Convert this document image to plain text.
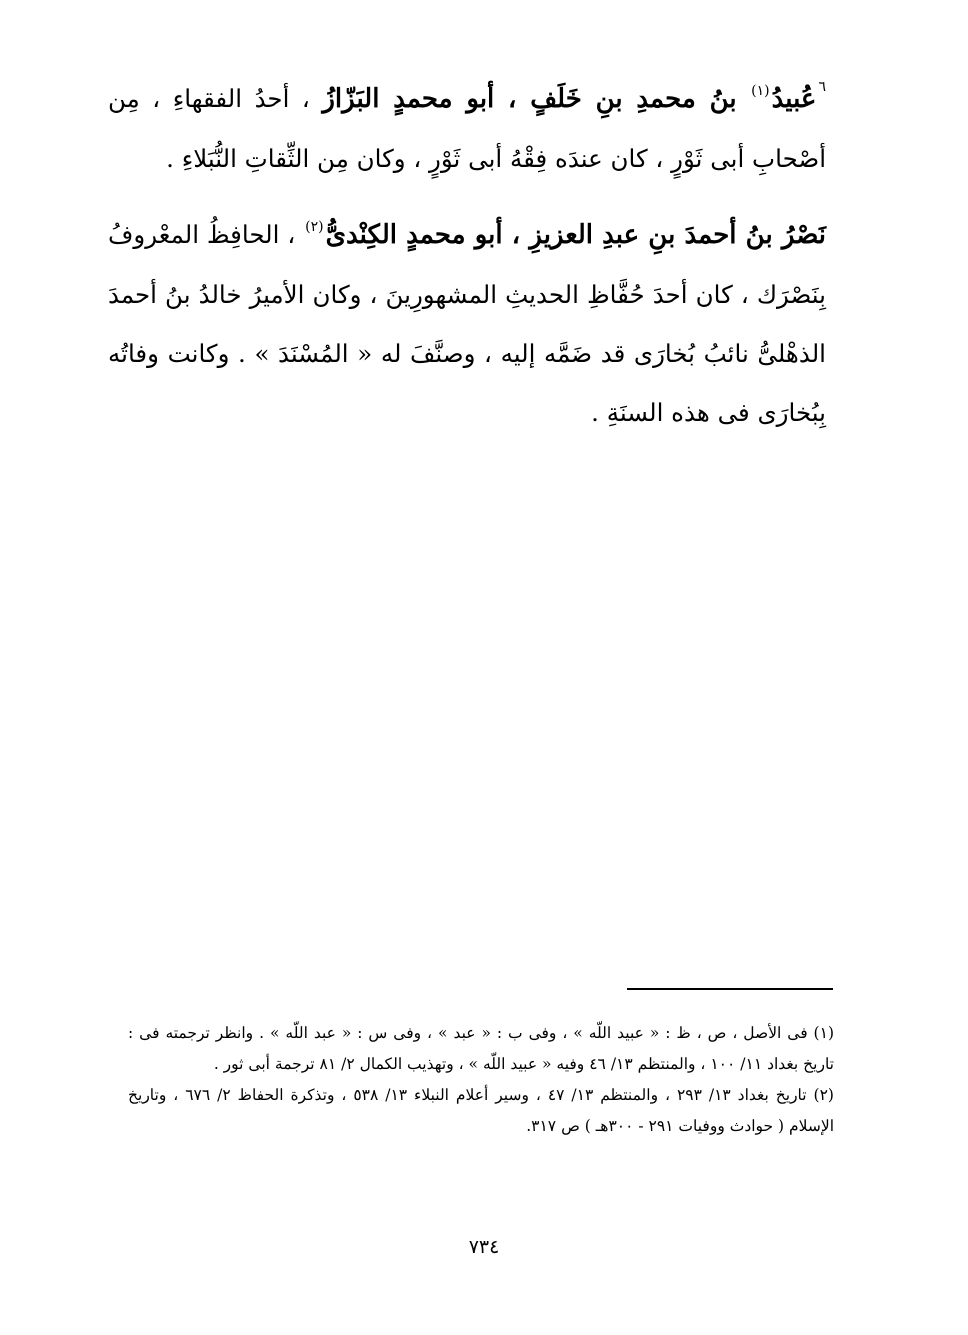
$^٦$عُبيدُ$^{(١)}$ بنُ محمدِ بنِ خَلَفٍ ، أبو محمدٍ البَزّازُ ، أحدُ الفقهاءِ ، مِن أصْحابِ أبى ثَوْرٍ ، كان عندَه فِقْهُ أبى ثَوْرٍ ، وكان مِن الثِّقاتِ النُّبَلاءِ .

نَصْرُ بنُ أحمدَ بنِ عبدِ العزيزِ ، أبو محمدٍ الكِنْدىُّ$^{(٢)}$ ، الحافِظُ المعْروفُ بِنَصْرَك ، كان أحدَ حُفَّاظِ الحديثِ المشهورِينَ ، وكان الأميرُ خالدُ بنُ أحمدَ الذهْلىُّ نائبُ بُخارَى قد ضَمَّه إليه ، وصنَّفَ له « المُسْنَدَ » . وكانت وفاتُه بِبُخارَى فى هذه السنَةِ .

(١) فى الأصل ، ص ، ظ : « عبيد اللّه » ، وفى ب : « عبد » ، وفى س : « عبد اللّه » . وانظر ترجمته فى : تاريخ بغداد ١١/ ١٠٠ ، والمنتظم ١٣/ ٤٦ وفيه « عبيد اللّه » ، وتهذيب الكمال ٢/ ٨١ ترجمة أبى ثور .

(٢) تاريخ بغداد ١٣/ ٢٩٣ ، والمنتظم ١٣/ ٤٧ ، وسير أعلام النبلاء ١٣/ ٥٣٨ ، وتذكرة الحفاظ ٢/ ٦٧٦ ، وتاريخ الإسلام ( حوادث ووفيات ٢٩١ - ٣٠٠هـ ) ص ٣١٧.

٧٣٤
